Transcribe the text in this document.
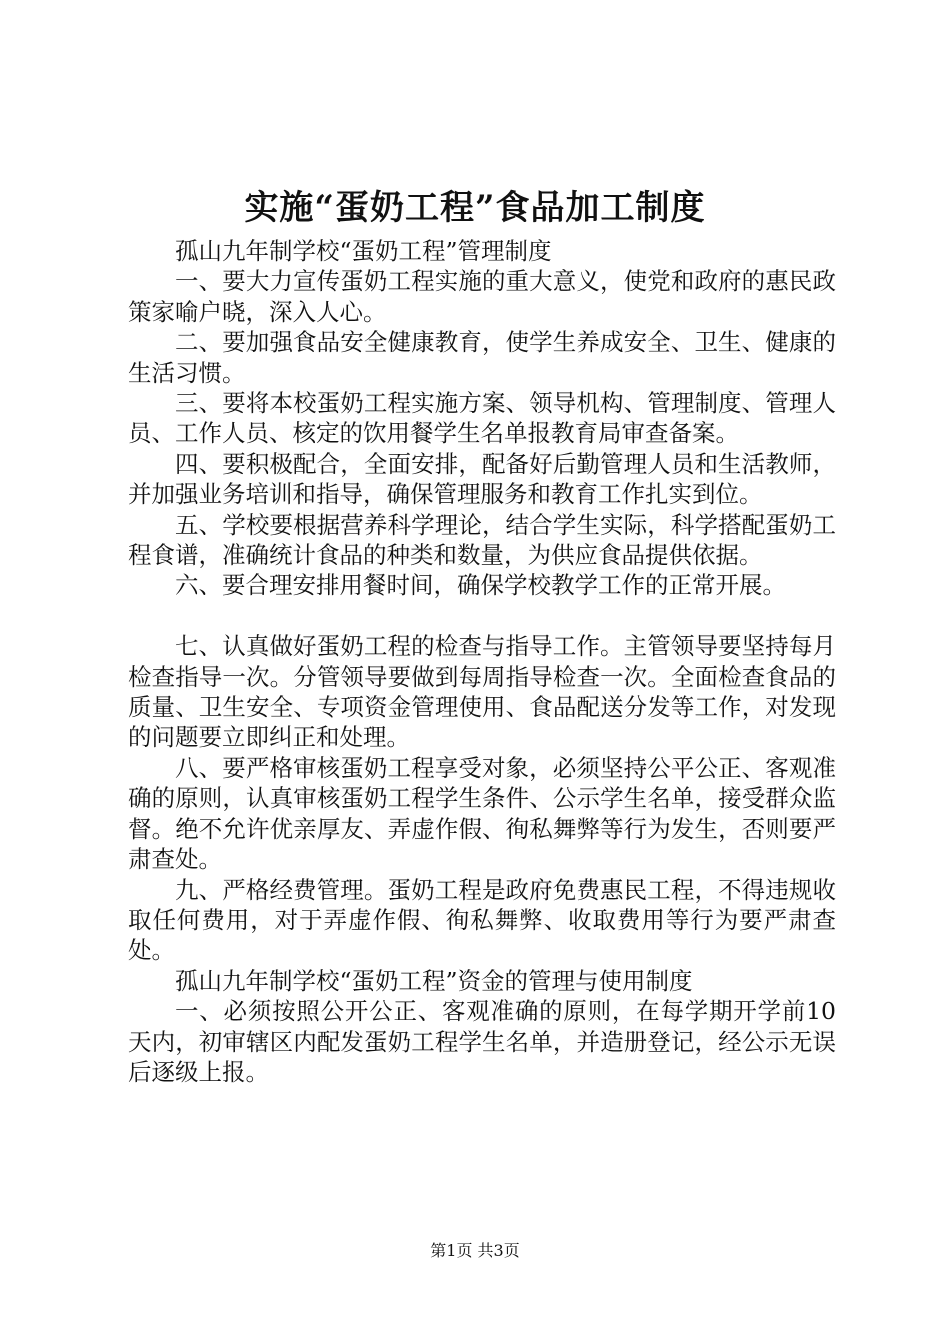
实施“蛋奶工程”食品加工制度

孤山九年制学校“蛋奶工程”管理制度

一、要大力宣传蛋奶工程实施的重大意义，使党和政府的惠民政策家喻户晓，深入人心。

二、要加强食品安全健康教育，使学生养成安全、卫生、健康的生活习惯。

三、要将本校蛋奶工程实施方案、领导机构、管理制度、管理人员、工作人员、核定的饮用餐学生名单报教育局审查备案。

四、要积极配合，全面安排，配备好后勤管理人员和生活教师，并加强业务培训和指导，确保管理服务和教育工作扎实到位。

五、学校要根据营养科学理论，结合学生实际，科学搭配蛋奶工程食谱，准确统计食品的种类和数量，为供应食品提供依据。

六、要合理安排用餐时间，确保学校教学工作的正常开展。

七、认真做好蛋奶工程的检查与指导工作。主管领导要坚持每月检查指导一次。分管领导要做到每周指导检查一次。全面检查食品的质量、卫生安全、专项资金管理使用、食品配送分发等工作，对发现的问题要立即纠正和处理。

八、要严格审核蛋奶工程享受对象，必须坚持公平公正、客观准确的原则，认真审核蛋奶工程学生条件、公示学生名单，接受群众监督。绝不允许优亲厚友、弄虚作假、徇私舞弊等行为发生，否则要严肃查处。

九、严格经费管理。蛋奶工程是政府免费惠民工程，不得违规收取任何费用，对于弄虚作假、徇私舞弊、收取费用等行为要严肃查处。

孤山九年制学校“蛋奶工程”资金的管理与使用制度

一、必须按照公开公正、客观准确的原则，在每学期开学前10天内，初审辖区内配发蛋奶工程学生名单，并造册登记，经公示无误后逐级上报。

第1页 共3页
